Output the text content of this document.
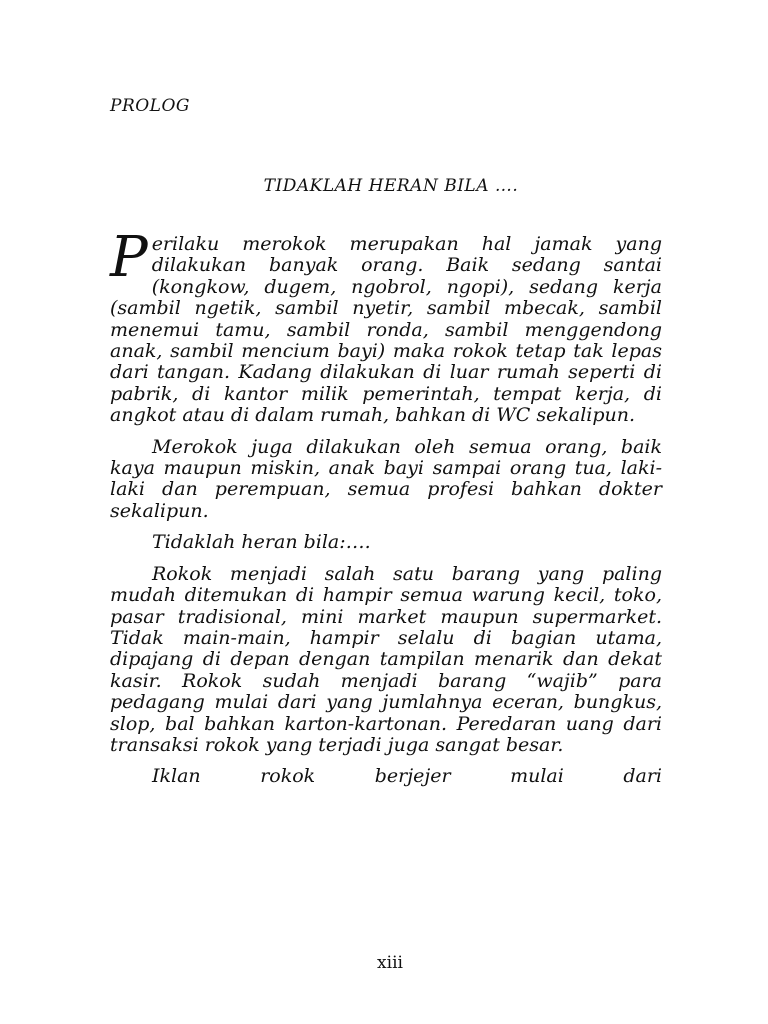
PROLOG
TIDAKLAH HERAN BILA ….

Perilaku merokok merupakan hal jamak yang dilakukan banyak orang. Baik sedang santai (kongkow, dugem, ngobrol, ngopi), sedang kerja (sambil ngetik, sambil nyetir, sambil mbecak, sambil menemui tamu, sambil ronda, sambil menggendong anak, sambil mencium bayi) maka rokok tetap tak lepas dari tangan. Kadang dilakukan di luar rumah seperti di pabrik, di kantor milik pemerintah, tempat kerja, di angkot atau di dalam rumah, bahkan di WC sekalipun.

Merokok juga dilakukan oleh semua orang, baik kaya maupun miskin, anak bayi sampai orang tua, laki-laki dan perempuan, semua profesi bahkan dokter sekalipun.

Tidaklah heran bila:….

Rokok menjadi salah satu barang yang paling mudah ditemukan di hampir semua warung kecil, toko, pasar tradisional, mini market maupun supermarket. Tidak main-main, hampir selalu di bagian utama, dipajang di depan dengan tampilan menarik dan dekat kasir. Rokok sudah menjadi barang “wajib” para pedagang mulai dari yang jumlahnya eceran, bungkus, slop, bal bahkan karton-kartonan. Peredaran uang dari transaksi rokok yang terjadi juga sangat besar.

Iklan rokok berjejer mulai dari

xiii
